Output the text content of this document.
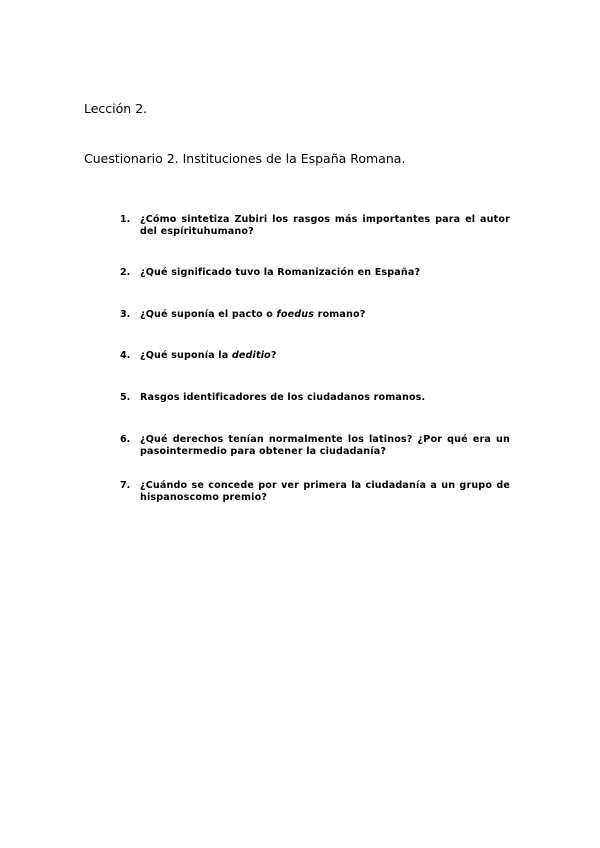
Lección 2.
Cuestionario 2. Instituciones de la España Romana.
1.	¿Cómo sintetiza Zubiri los rasgos más importantes para el autor del espírituhumano?
2.	¿Qué significado tuvo la Romanización en España?
3.	¿Qué suponía el pacto o foedus romano?
4.	¿Qué suponía la deditio?
5.	Rasgos identificadores de los ciudadanos romanos.
6.	¿Qué derechos tenían normalmente los latinos? ¿Por qué era un pasointermedio para obtener la ciudadanía?
7.	¿Cuándo se concede por ver primera la ciudadanía a un grupo de hispanoscomo premio?
